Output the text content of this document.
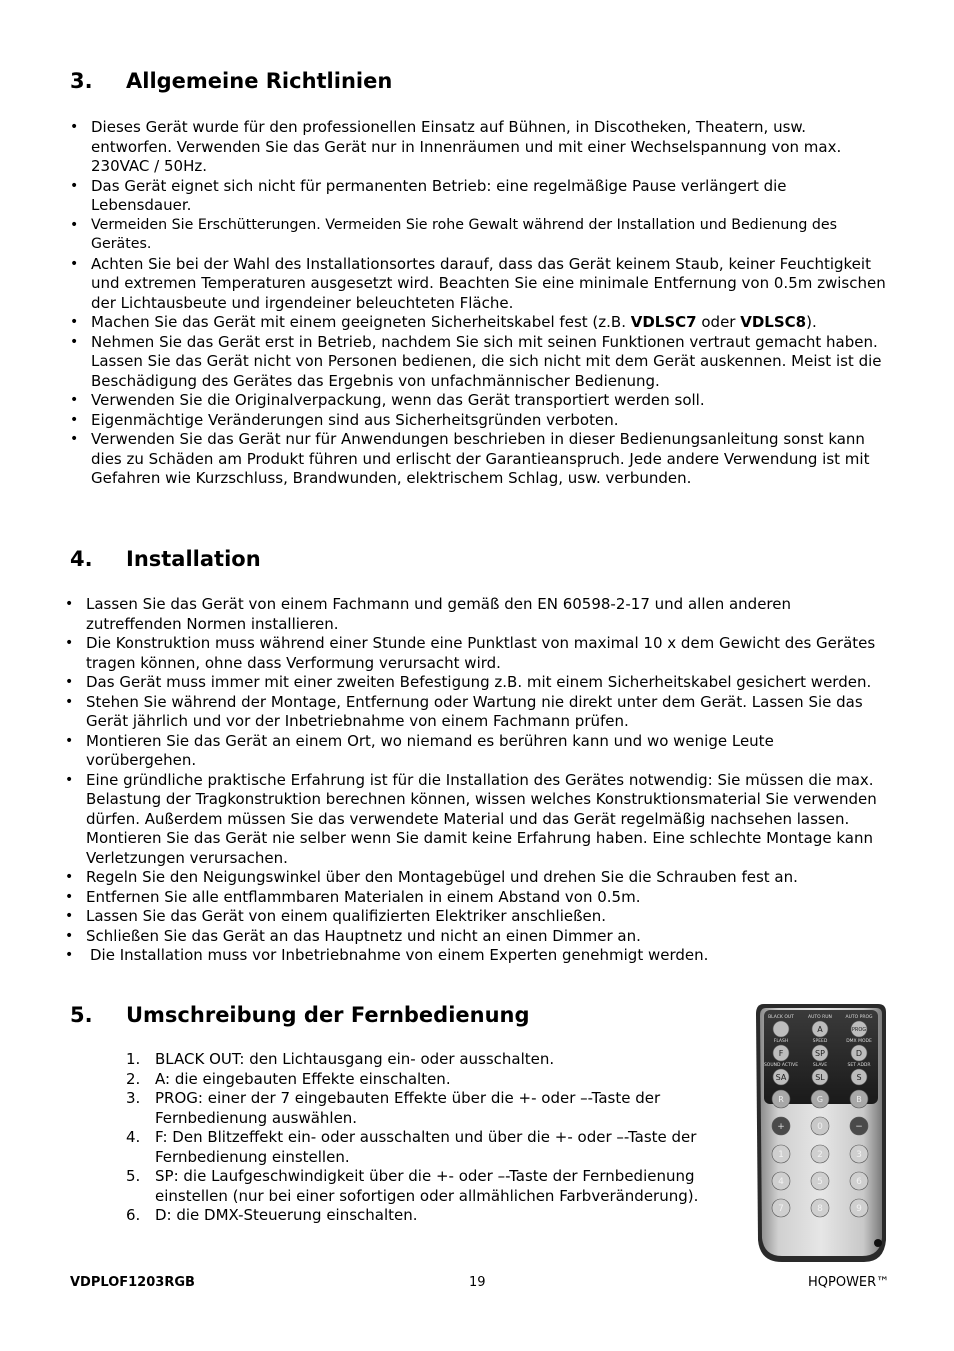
3. Allgemeine Richtlinien
• Dieses Gerät wurde für den professionellen Einsatz auf Bühnen, in Discotheken, Theatern, usw. entworfen. Verwenden Sie das Gerät nur in Innenräumen und mit einer Wechselspannung von max. 230VAC / 50Hz.
• Das Gerät eignet sich nicht für permanenten Betrieb: eine regelmäßige Pause verlängert die Lebensdauer.
• Vermeiden Sie Erschütterungen. Vermeiden Sie rohe Gewalt während der Installation und Bedienung des Gerätes.
• Achten Sie bei der Wahl des Installationsortes darauf, dass das Gerät keinem Staub, keiner Feuchtigkeit und extremen Temperaturen ausgesetzt wird. Beachten Sie eine minimale Entfernung von 0.5m zwischen der Lichtausbeute und irgendeiner beleuchteten Fläche.
• Machen Sie das Gerät mit einem geeigneten Sicherheitskabel fest (z.B. VDLSC7 oder VDLSC8).
• Nehmen Sie das Gerät erst in Betrieb, nachdem Sie sich mit seinen Funktionen vertraut gemacht haben. Lassen Sie das Gerät nicht von Personen bedienen, die sich nicht mit dem Gerät auskennen. Meist ist die Beschädigung des Gerätes das Ergebnis von unfachmännischer Bedienung.
• Verwenden Sie die Originalverpackung, wenn das Gerät transportiert werden soll.
• Eigenmächtige Veränderungen sind aus Sicherheitsgründen verboten.
• Verwenden Sie das Gerät nur für Anwendungen beschrieben in dieser Bedienungsanleitung sonst kann dies zu Schäden am Produkt führen und erlischt der Garantieanspruch. Jede andere Verwendung ist mit Gefahren wie Kurzschluss, Brandwunden, elektrischem Schlag, usw. verbunden.
4. Installation
• Lassen Sie das Gerät von einem Fachmann und gemäß den EN 60598-2-17 und allen anderen zutreffenden Normen installieren.
• Die Konstruktion muss während einer Stunde eine Punktlast von maximal 10 x dem Gewicht des Gerätes tragen können, ohne dass Verformung verursacht wird.
• Das Gerät muss immer mit einer zweiten Befestigung z.B. mit einem Sicherheitskabel gesichert werden.
• Stehen Sie während der Montage, Entfernung oder Wartung nie direkt unter dem Gerät. Lassen Sie das Gerät jährlich und vor der Inbetriebnahme von einem Fachmann prüfen.
• Montieren Sie das Gerät an einem Ort, wo niemand es berühren kann und wo wenige Leute vorübergehen.
• Eine gründliche praktische Erfahrung ist für die Installation des Gerätes notwendig: Sie müssen die max. Belastung der Tragkonstruktion berechnen können, wissen welches Konstruktionsmaterial Sie verwenden dürfen. Außerdem müssen Sie das verwendete Material und das Gerät regelmäßig nachsehen lassen. Montieren Sie das Gerät nie selber wenn Sie damit keine Erfahrung haben. Eine schlechte Montage kann Verletzungen verursachen.
• Regeln Sie den Neigungswinkel über den Montagebügel und drehen Sie die Schrauben fest an.
• Entfernen Sie alle entflammbaren Materialen in einem Abstand von 0.5m.
• Lassen Sie das Gerät von einem qualifizierten Elektriker anschließen.
• Schließen Sie das Gerät an das Hauptnetz und nicht an einen Dimmer an.
• Die Installation muss vor Inbetriebnahme von einem Experten genehmigt werden.
5. Umschreibung der Fernbedienung
1. BLACK OUT: den Lichtausgang ein- oder ausschalten.
2. A: die eingebauten Effekte einschalten.
3. PROG: einer der 7 eingebauten Effekte über die +- oder –-Taste der Fernbedienung auswählen.
4. F: Den Blitzeffekt ein- oder ausschalten und über die +- oder –-Taste der Fernbedienung einstellen.
5. SP: die Laufgeschwindigkeit über die +- oder –-Taste der Fernbedienung einstellen (nur bei einer sofortigen oder allmählichen Farbveränderung).
6. D: die DMX-Steuerung einschalten.
BLACK OUT	AUTO RUN	AUTO PROG
A	PROG
FLASH	SPEED	DMX MODE
F	SP	D
SOUND ACTIVE	SLAVE	SET ADDR
SA	SL	S
R	G	B
+	0	−
1	2	3
4	5	6
7	8	9
VDPLOF1203RGB	19	HQPOWER™
